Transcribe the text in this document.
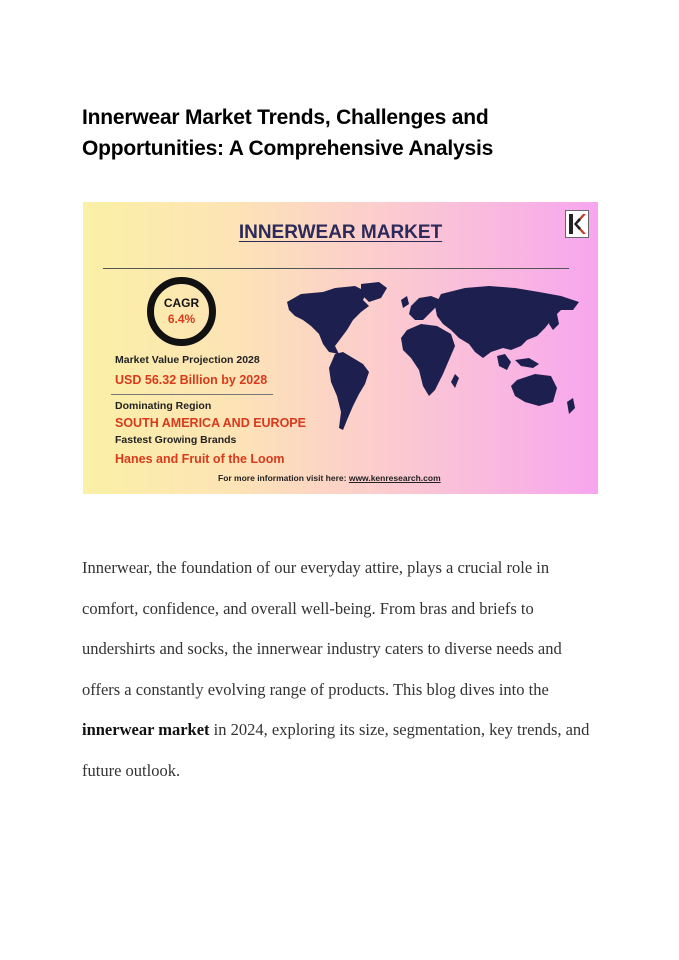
Innerwear Market Trends, Challenges and Opportunities: A Comprehensive Analysis
INNERWEAR MARKET
CAGR
6.4%
Market Value Projection 2028
USD 56.32 Billion by 2028
Dominating Region
SOUTH AMERICA AND EUROPE
Fastest Growing Brands
Hanes and Fruit of the Loom
For more information visit here: www.kenresearch.com

Innerwear, the foundation of our everyday attire, plays a crucial role in comfort, confidence, and overall well-being. From bras and briefs to undershirts and socks, the innerwear industry caters to diverse needs and offers a constantly evolving range of products. This blog dives into the innerwear market in 2024, exploring its size, segmentation, key trends, and future outlook.
